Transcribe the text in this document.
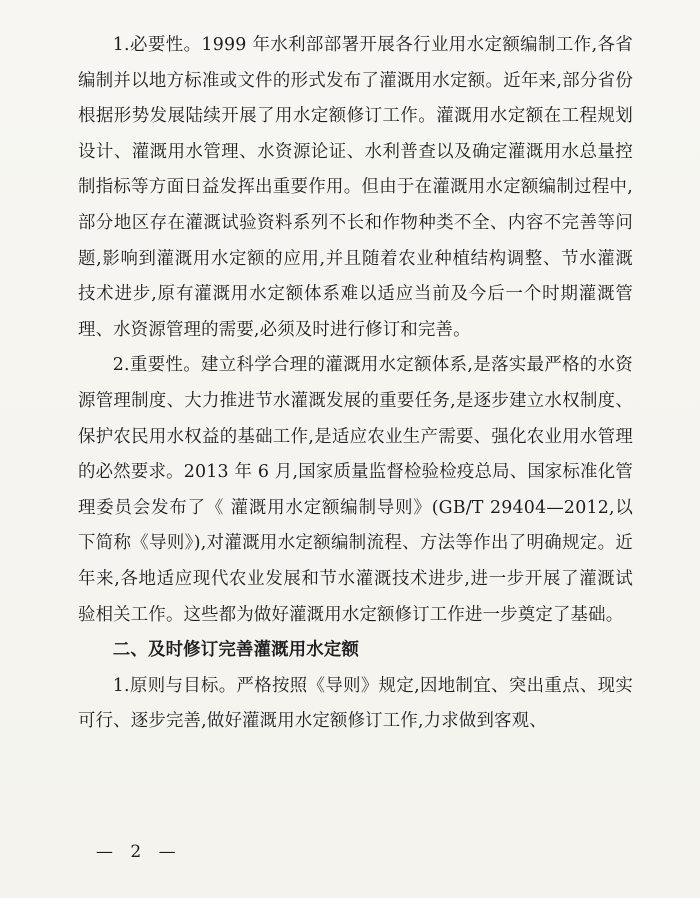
1.必要性。1999 年水利部部署开展各行业用水定额编制工作,各省编制并以地方标准或文件的形式发布了灌溉用水定额。近年来,部分省份根据形势发展陆续开展了用水定额修订工作。灌溉用水定额在工程规划设计、灌溉用水管理、水资源论证、水利普查以及确定灌溉用水总量控制指标等方面日益发挥出重要作用。但由于在灌溉用水定额编制过程中,部分地区存在灌溉试验资料系列不长和作物种类不全、内容不完善等问题,影响到灌溉用水定额的应用,并且随着农业种植结构调整、节水灌溉技术进步,原有灌溉用水定额体系难以适应当前及今后一个时期灌溉管理、水资源管理的需要,必须及时进行修订和完善。

2.重要性。建立科学合理的灌溉用水定额体系,是落实最严格的水资源管理制度、大力推进节水灌溉发展的重要任务,是逐步建立水权制度、保护农民用水权益的基础工作,是适应农业生产需要、强化农业用水管理的必然要求。2013 年 6 月,国家质量监督检验检疫总局、国家标准化管理委员会发布了《 灌溉用水定额编制导则》(GB/T 29404—2012,以下简称《导则》),对灌溉用水定额编制流程、方法等作出了明确规定。近年来,各地适应现代农业发展和节水灌溉技术进步,进一步开展了灌溉试验相关工作。这些都为做好灌溉用水定额修订工作进一步奠定了基础。

二、及时修订完善灌溉用水定额

1.原则与目标。严格按照《导则》规定,因地制宜、突出重点、现实可行、逐步完善,做好灌溉用水定额修订工作,力求做到客观、

— 2 —
